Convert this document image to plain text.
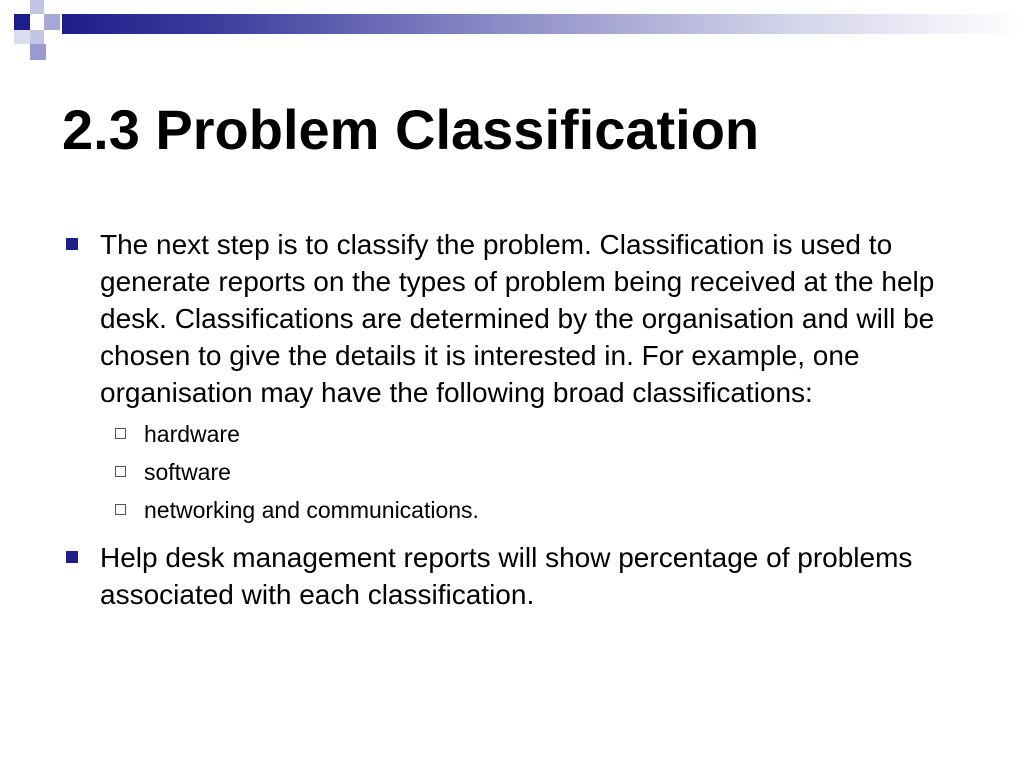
2.3 Problem Classification
The next step is to classify the problem. Classification is used to generate reports on the types of problem being received at the help desk. Classifications are determined by the organisation and will be chosen to give the details it is interested in. For example, one organisation may have the following broad classifications:
hardware
software
networking and communications.
Help desk management reports will show percentage of problems associated with each classification.
